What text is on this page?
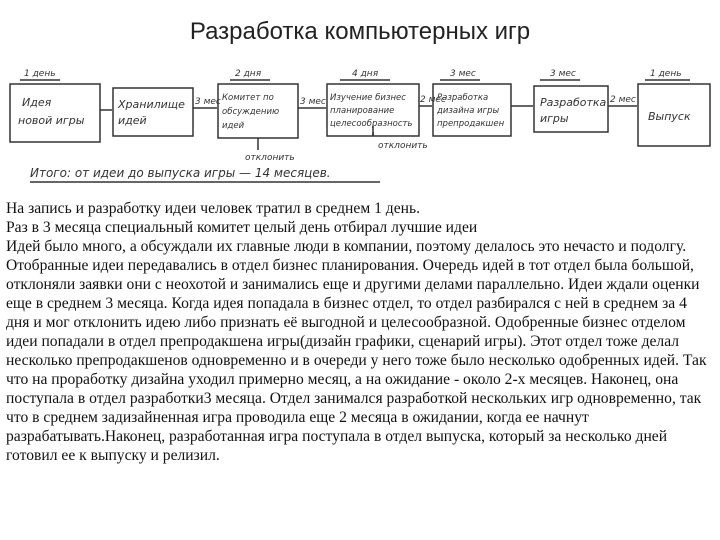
Разработка компьютерных игр
1 день	2 дня	4 дня	3 мес	3 мес	1 день
3 мес	3 мес	2 мес	2 мес
отклонить
отклонить
Идея
новой игры
Хранилище
идей
Комитет по
обсуждению
идей
Изучение бизнес
планирование
целесообразность
Разработка
дизайна игры
препродакшен
Разработка
игры	Выпуск
Итого: от идеи до выпуска игры — 14 месяцев.

На запись и разработку идеи человек тратил в среднем 1 день.

Раз в 3 месяца специальный комитет целый день отбирал лучшие идеи

Идей было много, а обсуждали их главные люди в компании, поэтому делалось это нечасто и подолгу. Отобранные идеи передавались в отдел бизнес планирования. Очередь идей в тот отдел была большой, отклоняли заявки они с неохотой и занимались еще и другими делами параллельно. Идеи ждали оценки еще в среднем 3 месяца. Когда идея попадала в бизнес отдел, то отдел разбирался с ней в среднем за 4 дня и мог отклонить идею либо признать её выгодной и целесообразной. Одобренные бизнес отделом идеи попадали в отдел препродакшена игры(дизайн графики, сценарий игры). Этот отдел тоже делал несколько препродакшенов одновременно и в очереди у него тоже было несколько одобренных идей. Так что на проработку дизайна уходил примерно месяц, а на ожидание - около 2-х месяцев. Наконец, она поступала в отдел разработки3 месяца. Отдел занимался разработкой нескольких игр одновременно, так что в среднем задизайненная игра проводила еще 2 месяца в ожидании, когда ее начнут разрабатывать.Наконец, разработанная игра поступала в отдел выпуска, который за несколько дней готовил ее к выпуску и релизил.
